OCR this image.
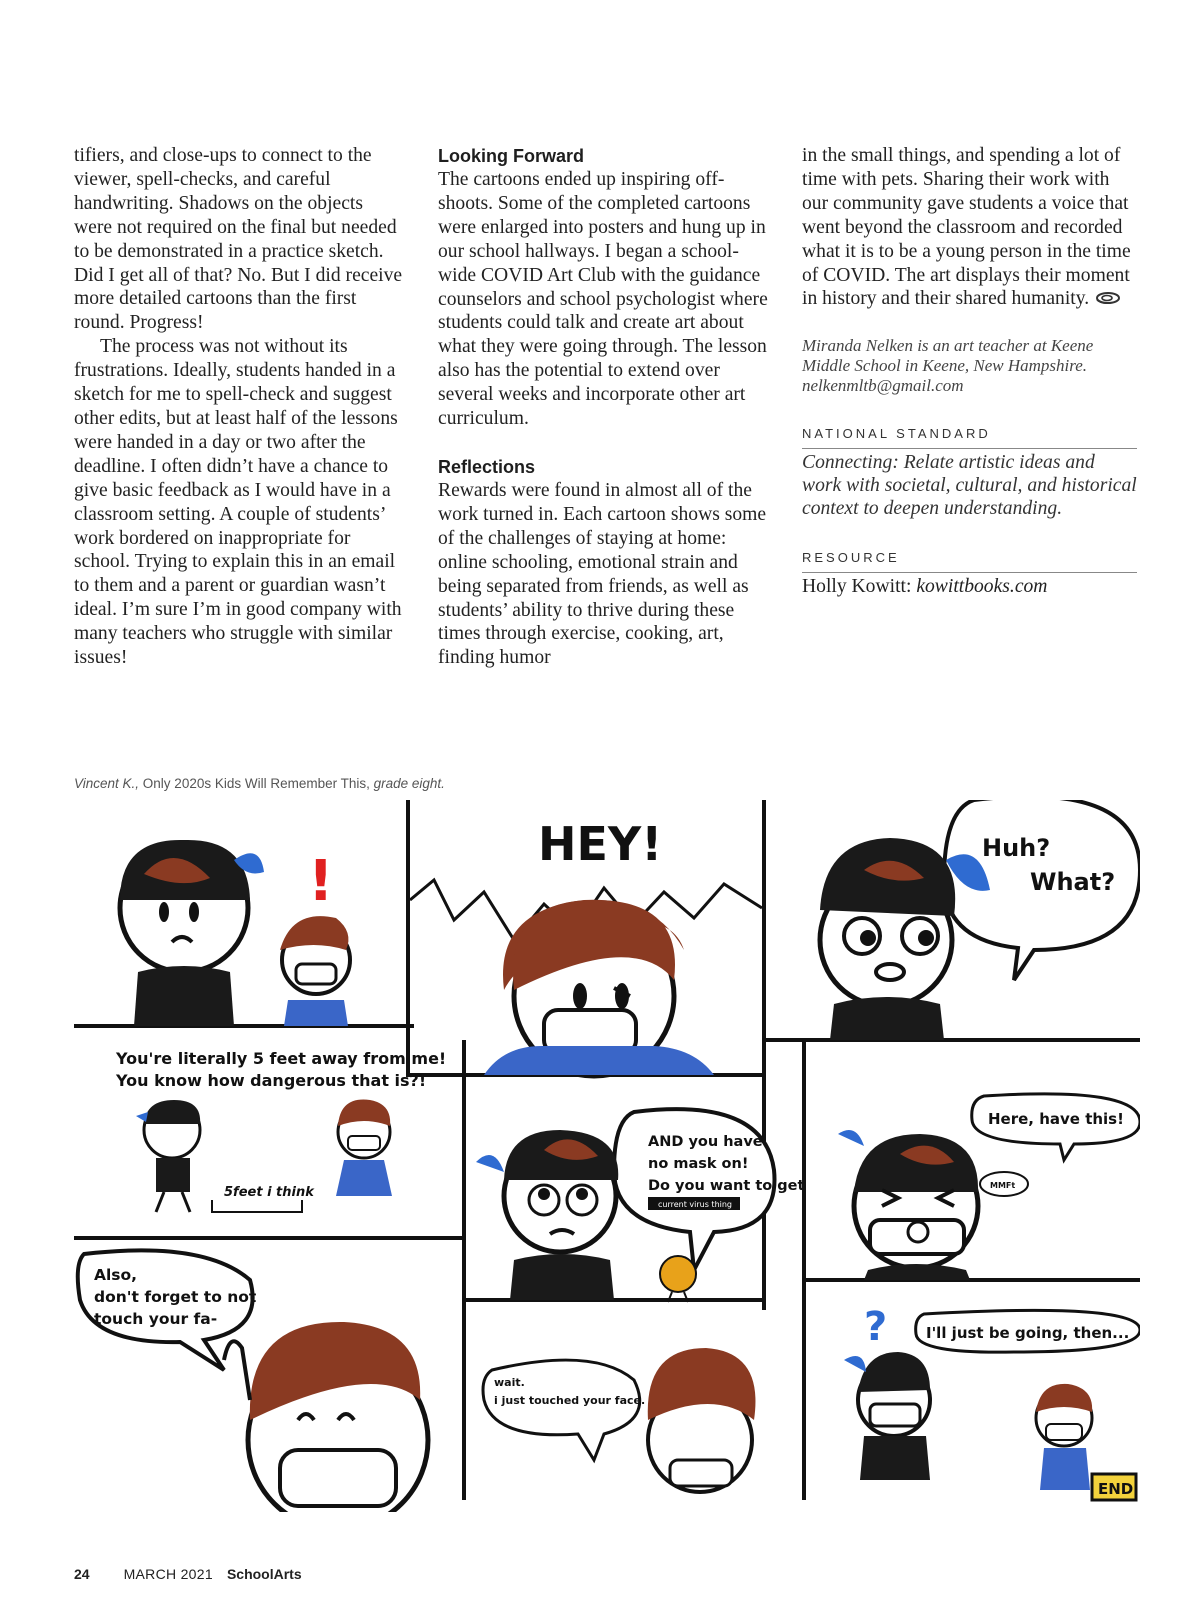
tifiers, and close-ups to connect to the viewer, spell-checks, and careful handwriting. Shadows on the objects were not required on the final but needed to be demonstrated in a practice sketch. Did I get all of that? No. But I did receive more detailed cartoons than the first round. Progress!

The process was not without its frustrations. Ideally, students handed in a sketch for me to spell-check and suggest other edits, but at least half of the lessons were handed in a day or two after the deadline. I often didn’t have a chance to give basic feedback as I would have in a classroom setting. A couple of students’ work bordered on inappropriate for school. Trying to explain this in an email to them and a parent or guardian wasn’t ideal. I’m sure I’m in good company with many teachers who struggle with similar issues!

Looking Forward

The cartoons ended up inspiring off-shoots. Some of the completed cartoons were enlarged into posters and hung up in our school hallways. I began a school-wide COVID Art Club with the guidance counselors and school psychologist where students could talk and create art about what they were going through. The lesson also has the potential to extend over several weeks and incorporate other art curriculum.

Reflections

Rewards were found in almost all of the work turned in. Each cartoon shows some of the challenges of staying at home: online schooling, emotional strain and being separated from friends, as well as students’ ability to thrive during these times through exercise, cooking, art, finding humor

in the small things, and spending a lot of time with pets. Sharing their work with our community gave students a voice that went beyond the classroom and recorded what it is to be a young person in the time of COVID. The art displays their moment in history and their shared humanity.

Miranda Nelken is an art teacher at Keene Middle School in Keene, New Hampshire. nelkenmltb@gmail.com
NATIONAL STANDARD
Connecting: Relate artistic ideas and work with societal, cultural, and historical context to deepen understanding.
RESOURCE
Holly Kowitt: kowittbooks.com
Vincent K., Only 2020s Kids Will Remember This, grade eight.
!
HEY!	Huh?
What?
You're literally 5 feet away from me!
You know how dangerous that is?!
5feet i think
AND you have
no mask on!
Do you want to get
current virus thing
Here, have this!
MMFt
Also,
don't forget to not
touch your fa-
wait.
i just touched your face.
?	I'll just be going, then...
END
24 MARCH 2021 SchoolArts
